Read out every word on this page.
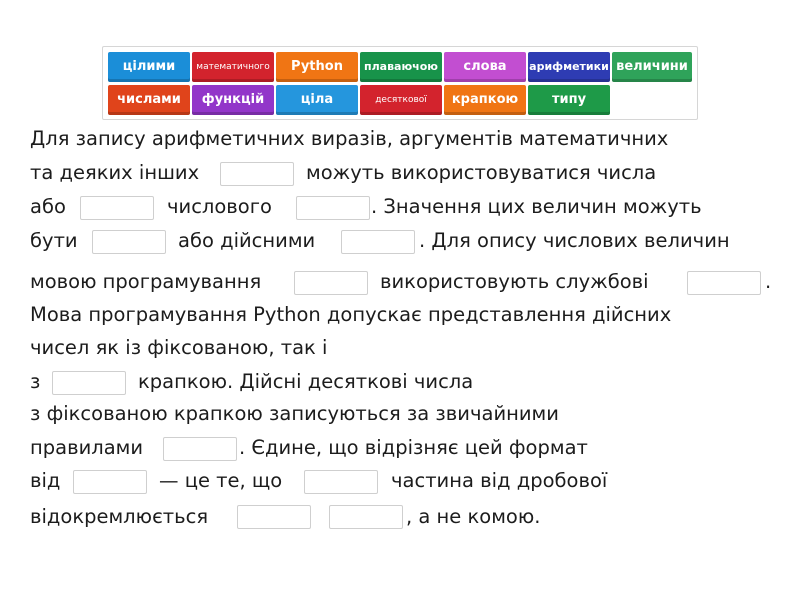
цілими	математичного	Python	плаваючою	слова	арифметики величини
числами	функцій	ціла	десяткової	крапкою	типу
Для запису арифметичних виразів, аргументів математичних
та деяких інших	можуть використовуватися числа
або	числового	. Значення цих величин можуть
бути	або дійсними	. Для опису числових величин
мовою програмування	використовують службові	.
Мова програмування Python допускає представлення дійсних
чисел як із фіксованою, так і
з	крапкою. Дійсні десяткові числа
з фіксованою крапкою записуються за звичайними
правилами	. Єдине, що відрізняє цей формат
від	— це те, що	частина від дробової
відокремлюється	, а не комою.
